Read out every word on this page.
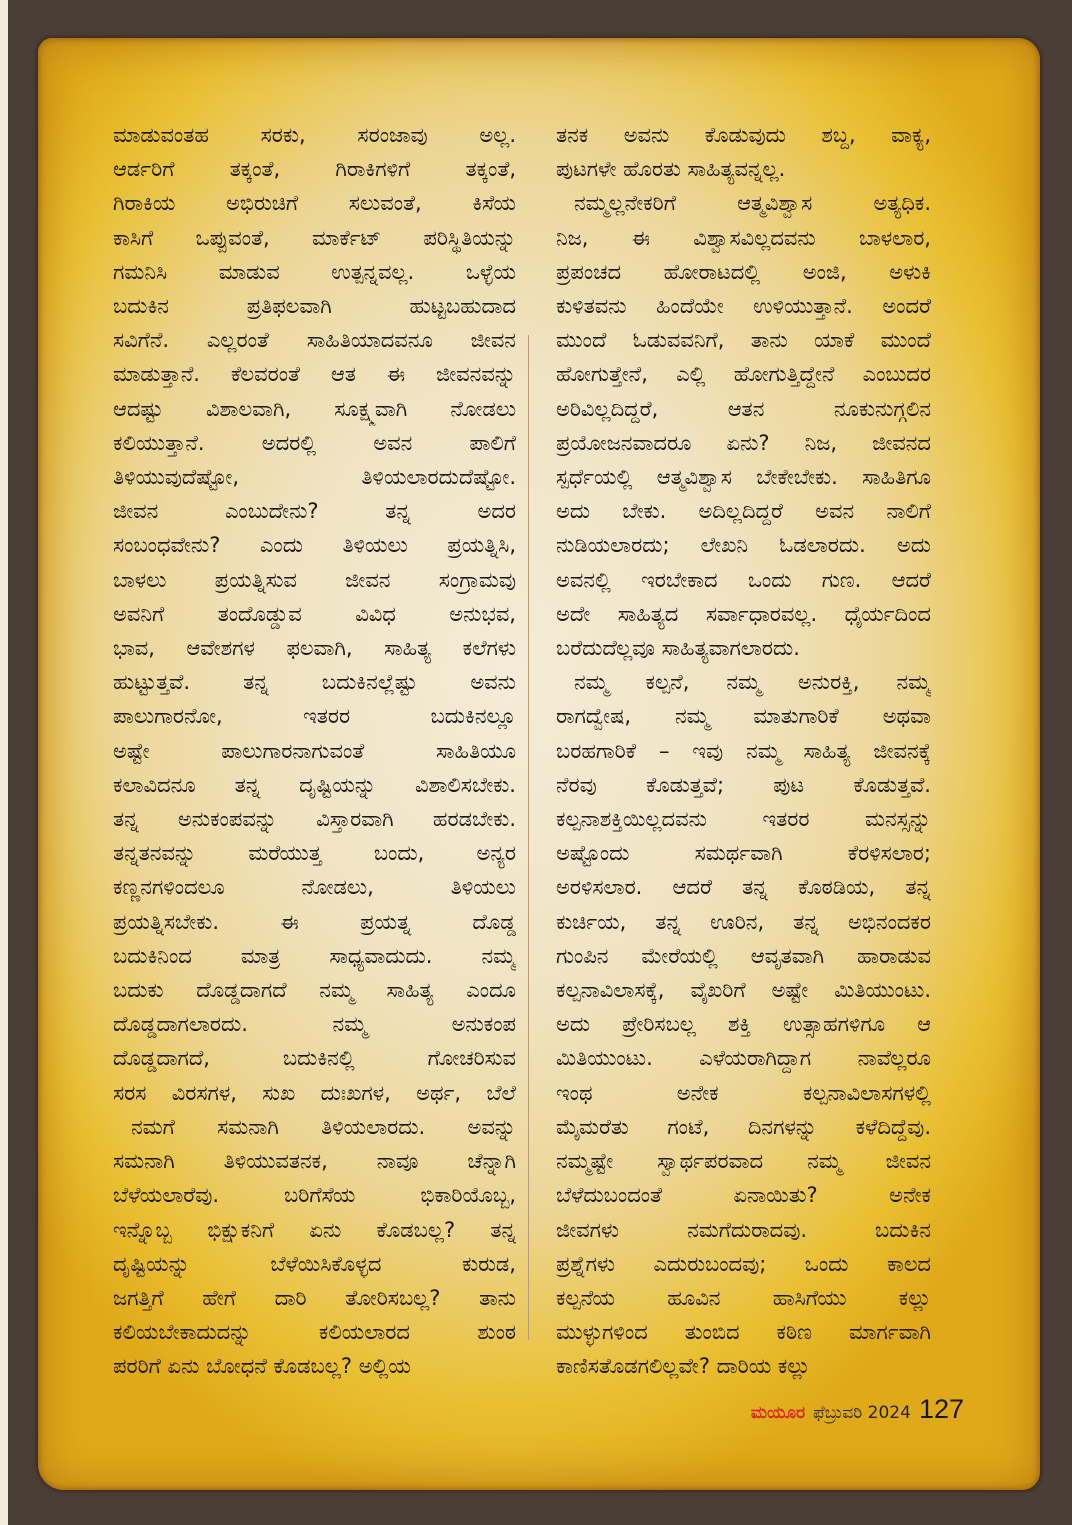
ಮಾಡುವಂತಹ ಸರಕು, ಸರಂಜಾವು ಅಲ್ಲ.
ಆರ್ಡರಿಗೆ ತಕ್ಕಂತೆ, ಗಿರಾಕಿಗಳಿಗೆ ತಕ್ಕಂತೆ,
ಗಿರಾಕಿಯ ಅಭಿರುಚಿಗೆ ಸಲುವಂತೆ, ಕಿಸೆಯ
ಕಾಸಿಗೆ ಒಪ್ಪುವಂತೆ, ಮಾರ್ಕೆಟ್ ಪರಿಸ್ಥಿತಿಯನ್ನು
ಗಮನಿಸಿ ಮಾಡುವ ಉತ್ಪನ್ನವಲ್ಲ. ಒಳ್ಳೆಯ
ಬದುಕಿನ ಪ್ರತಿಫಲವಾಗಿ ಹುಟ್ಟಬಹುದಾದ
ಸವಿಗೆನೆ. ಎಲ್ಲರಂತೆ ಸಾಹಿತಿಯಾದವನೂ ಜೀವನ
ಮಾಡುತ್ತಾನೆ. ಕೆಲವರಂತೆ ಆತ ಈ ಜೀವನವನ್ನು
ಆದಷ್ಟು ವಿಶಾಲವಾಗಿ, ಸೂಕ್ಷ್ಮವಾಗಿ ನೋಡಲು
ಕಲಿಯುತ್ತಾನೆ. ಅದರಲ್ಲಿ ಅವನ ಪಾಲಿಗೆ
ತಿಳಿಯುವುದೆಷ್ಟೋ, ತಿಳಿಯಲಾರದುದೆಷ್ಟೋ.
ಜೀವನ ಎಂಬುದೇನು? ತನ್ನ ಅದರ
ಸಂಬಂಧವೇನು? ಎಂದು ತಿಳಿಯಲು ಪ್ರಯತ್ನಿಸಿ,
ಬಾಳಲು ಪ್ರಯತ್ನಿಸುವ ಜೀವನ ಸಂಗ್ರಾಮವು
ಅವನಿಗೆ ತಂದೊಡ್ಡುವ ವಿವಿಧ ಅನುಭವ,
ಭಾವ, ಆವೇಶಗಳ ಫಲವಾಗಿ, ಸಾಹಿತ್ಯ ಕಲೆಗಳು
ಹುಟ್ಟುತ್ತವೆ. ತನ್ನ ಬದುಕಿನಲ್ಲೆಷ್ಟು ಅವನು
ಪಾಲುಗಾರನೋ, ಇತರರ ಬದುಕಿನಲ್ಲೂ
ಅಷ್ಟೇ ಪಾಲುಗಾರನಾಗುವಂತೆ ಸಾಹಿತಿಯೂ
ಕಲಾವಿದನೂ ತನ್ನ ದೃಷ್ಟಿಯನ್ನು ವಿಶಾಲಿಸಬೇಕು.
ತನ್ನ ಅನುಕಂಪವನ್ನು ವಿಸ್ತಾರವಾಗಿ ಹರಡಬೇಕು.
ತನ್ನತನವನ್ನು ಮರೆಯುತ್ತ ಬಂದು, ಅನ್ಯರ
ಕಣ್ಣನಗಳಿಂದಲೂ ನೋಡಲು, ತಿಳಿಯಲು
ಪ್ರಯತ್ನಿಸಬೇಕು. ಈ ಪ್ರಯತ್ನ ದೊಡ್ಡ
ಬದುಕಿನಿಂದ ಮಾತ್ರ ಸಾಧ್ಯವಾದುದು. ನಮ್ಮ
ಬದುಕು ದೊಡ್ಡದಾಗದೆ ನಮ್ಮ ಸಾಹಿತ್ಯ ಎಂದೂ
ದೊಡ್ಡದಾಗಲಾರದು. ನಮ್ಮ ಅನುಕಂಪ
ದೊಡ್ಡದಾಗದೆ, ಬದುಕಿನಲ್ಲಿ ಗೋಚರಿಸುವ
ಸರಸ ವಿರಸಗಳ, ಸುಖ ದುಃಖಗಳ, ಅರ್ಥ, ಬೆಲೆ
ನಮಗೆ ಸಮನಾಗಿ ತಿಳಿಯಲಾರದು. ಅವನ್ನು
ಸಮನಾಗಿ ತಿಳಿಯುವತನಕ, ನಾವೂ ಚೆನ್ನಾಗಿ
ಬೆಳೆಯಲಾರೆವು. ಬರಿಗೆಸೆಯ ಭಿಕಾರಿಯೊಬ್ಬ,
ಇನ್ನೊಬ್ಬ ಭಿಕ್ಷುಕನಿಗೆ ಏನು ಕೊಡಬಲ್ಲ? ತನ್ನ
ದೃಷ್ಟಿಯನ್ನು ಬೆಳೆಯಿಸಿಕೊಳ್ಳದ ಕುರುಡ,
ಜಗತ್ತಿಗೆ ಹೇಗೆ ದಾರಿ ತೋರಿಸಬಲ್ಲ? ತಾನು
ಕಲಿಯಬೇಕಾದುದನ್ನು ಕಲಿಯಲಾರದ ಶುಂಠ
ಪರರಿಗೆ ಏನು ಬೋಧನೆ ಕೊಡಬಲ್ಲ? ಅಲ್ಲಿಯ
ತನಕ ಅವನು ಕೊಡುವುದು ಶಬ್ದ, ವಾಕ್ಯ,
ಪುಟಗಳೇ ಹೊರತು ಸಾಹಿತ್ಯವನ್ನಲ್ಲ.
ನಮ್ಮಲ್ಲನೇಕರಿಗೆ ಆತ್ಮವಿಶ್ವಾಸ ಅತ್ಯಧಿಕ.
ನಿಜ, ಈ ವಿಶ್ವಾಸವಿಲ್ಲದವನು ಬಾಳಲಾರ,
ಪ್ರಪಂಚದ ಹೋರಾಟದಲ್ಲಿ ಅಂಜಿ, ಅಳುಕಿ
ಕುಳಿತವನು ಹಿಂದೆಯೇ ಉಳಿಯುತ್ತಾನೆ. ಅಂದರೆ
ಮುಂದೆ ಓಡುವವನಿಗೆ, ತಾನು ಯಾಕೆ ಮುಂದೆ
ಹೋಗುತ್ತೇನೆ, ಎಲ್ಲಿ ಹೋಗುತ್ತಿದ್ದೇನೆ ಎಂಬುದರ
ಅರಿವಿಲ್ಲದಿದ್ದರೆ, ಆತನ ನೂಕುನುಗ್ಗಲಿನ
ಪ್ರಯೋಜನವಾದರೂ ಏನು? ನಿಜ, ಜೀವನದ
ಸ್ಪರ್ಧೆಯಲ್ಲಿ ಆತ್ಮವಿಶ್ವಾಸ ಬೇಕೇಬೇಕು. ಸಾಹಿತಿಗೂ
ಅದು ಬೇಕು. ಅದಿಲ್ಲದಿದ್ದರೆ ಅವನ ನಾಲಿಗೆ
ನುಡಿಯಲಾರದು; ಲೇಖನಿ ಓಡಲಾರದು. ಅದು
ಅವನಲ್ಲಿ ಇರಬೇಕಾದ ಒಂದು ಗುಣ. ಆದರೆ
ಅದೇ ಸಾಹಿತ್ಯದ ಸರ್ವಾಧಾರವಲ್ಲ. ಧೈರ್ಯದಿಂದ
ಬರೆದುದೆಲ್ಲವೂ ಸಾಹಿತ್ಯವಾಗಲಾರದು.
ನಮ್ಮ ಕಲ್ಪನೆ, ನಮ್ಮ ಅನುರಕ್ತಿ, ನಮ್ಮ
ರಾಗದ್ವೇಷ, ನಮ್ಮ ಮಾತುಗಾರಿಕೆ ಅಥವಾ
ಬರಹಗಾರಿಕೆ – ಇವು ನಮ್ಮ ಸಾಹಿತ್ಯ ಜೀವನಕ್ಕೆ
ನೆರವು ಕೊಡುತ್ತವೆ; ಪುಟ ಕೊಡುತ್ತವೆ.
ಕಲ್ಪನಾಶಕ್ತಿಯಿಲ್ಲದವನು ಇತರರ ಮನಸ್ಸನ್ನು
ಅಷ್ಟೊಂದು ಸಮರ್ಥವಾಗಿ ಕೆರಳಿಸಲಾರ;
ಅರಳಿಸಲಾರ. ಆದರೆ ತನ್ನ ಕೊಠಡಿಯ, ತನ್ನ
ಕುರ್ಚಿಯ, ತನ್ನ ಊರಿನ, ತನ್ನ ಅಭಿನಂದಕರ
ಗುಂಪಿನ ಮೇರೆಯಲ್ಲಿ ಆವೃತವಾಗಿ ಹಾರಾಡುವ
ಕಲ್ಪನಾವಿಲಾಸಕ್ಕೆ, ವೈಖರಿಗೆ ಅಷ್ಟೇ ಮಿತಿಯುಂಟು.
ಅದು ಪ್ರೇರಿಸಬಲ್ಲ ಶಕ್ತಿ ಉತ್ಸಾಹಗಳಿಗೂ ಆ
ಮಿತಿಯುಂಟು. ಎಳೆಯರಾಗಿದ್ದಾಗ ನಾವೆಲ್ಲರೂ
ಇಂಥ ಅನೇಕ ಕಲ್ಪನಾವಿಲಾಸಗಳಲ್ಲಿ
ಮೈಮರೆತು ಗಂಟೆ, ದಿನಗಳನ್ನು ಕಳೆದಿದ್ದೆವು.
ನಮ್ಮಷ್ಟೇ ಸ್ವಾರ್ಥಪರವಾದ ನಮ್ಮ ಜೀವನ
ಬೆಳೆದುಬಂದಂತೆ ಏನಾಯಿತು? ಅನೇಕ
ಜೀವಗಳು ನಮಗೆದುರಾದವು. ಬದುಕಿನ
ಪ್ರಶ್ನೆಗಳು ಎದುರುಬಂದವು; ಒಂದು ಕಾಲದ
ಕಲ್ಪನೆಯ ಹೂವಿನ ಹಾಸಿಗೆಯು ಕಲ್ಲು
ಮುಳ್ಳುಗಳಿಂದ ತುಂಬಿದ ಕಠಿಣ ಮಾರ್ಗವಾಗಿ
ಕಾಣಿಸತೊಡಗಲಿಲ್ಲವೇ? ದಾರಿಯ ಕಲ್ಲು
ಮಯೂರ ಫೆಬ್ರುವರಿ 2024 127
